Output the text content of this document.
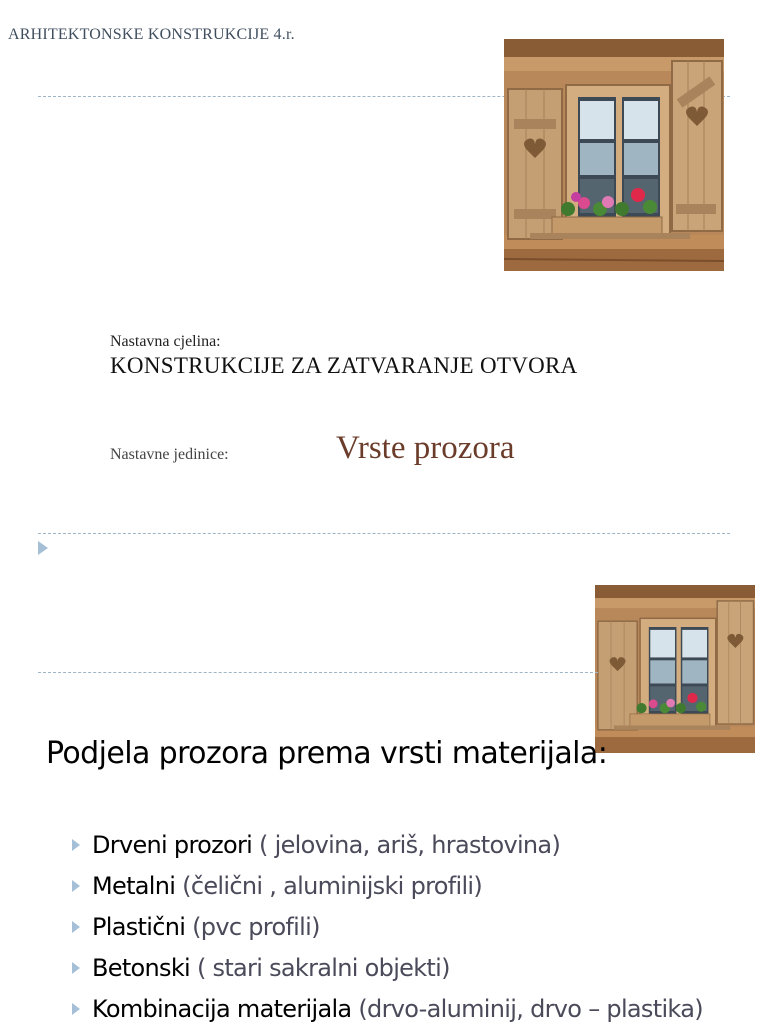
ARHITEKTONSKE KONSTRUKCIJE 4.r.
Nastavna cjelina:
KONSTRUKCIJE ZA ZATVARANJE OTVORA
Nastavne jedinice:	Vrste prozora
Podjela prozora prema vrsti materijala:
Drveni prozori ( jelovina, ariš, hrastovina)
Metalni (čelični , aluminijski profili)
Plastični (pvc profili)
Betonski ( stari sakralni objekti)
Kombinacija materijala (drvo-aluminij, drvo – plastika)
